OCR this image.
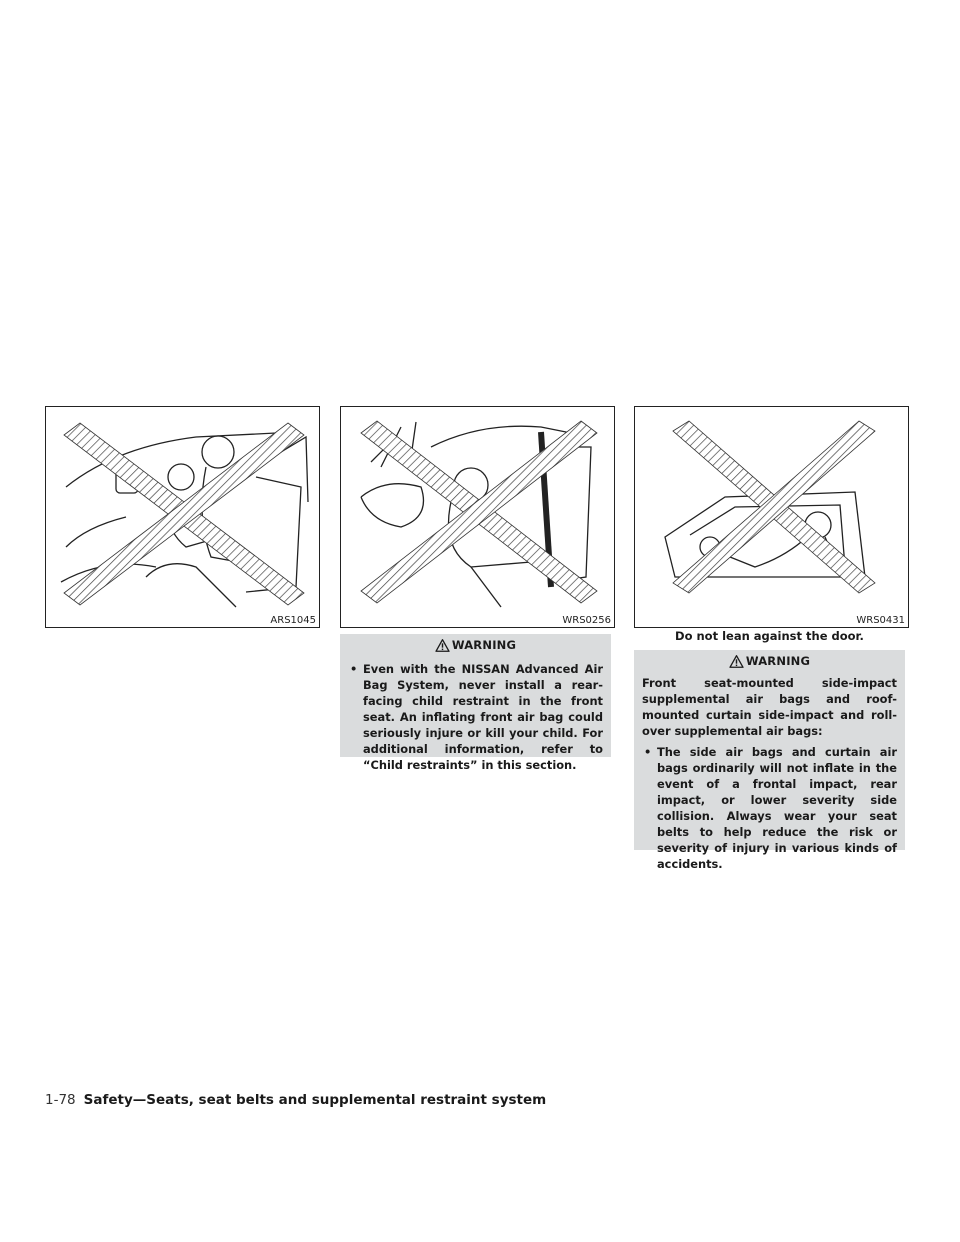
ARS1045	WRS0256	WRS0431
Do not lean against the door.
WARNING
• Even with the NISSAN Advanced Air Bag System, never install a rear-facing child restraint in the front seat. An inflating front air bag could seriously injure or kill your child. For additional information, refer to “Child restraints” in this section.
WARNING
Front seat-mounted side-impact supplemental air bags and roof-mounted curtain side-impact and roll-over supplemental air bags:
• The side air bags and curtain air bags ordinarily will not inflate in the event of a frontal impact, rear impact, or lower severity side collision. Always wear your seat belts to help reduce the risk or severity of injury in various kinds of accidents.
1-78 Safety—Seats, seat belts and supplemental restraint system
